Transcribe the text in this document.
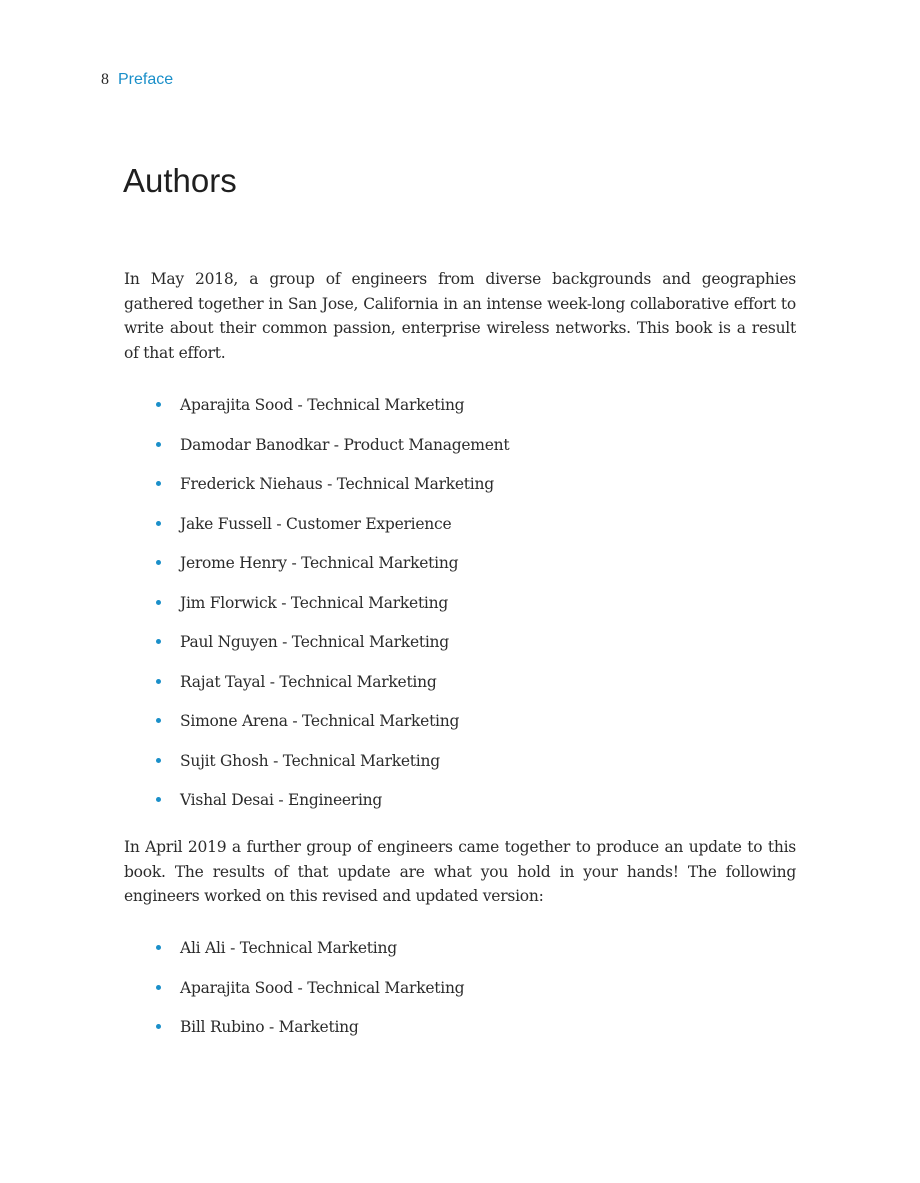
8 Preface
Authors

In May 2018, a group of engineers from diverse backgrounds and geographies gathered together in San Jose, California in an intense week-long collaborative effort to write about their common passion, enterprise wireless networks. This book is a result of that effort.

Aparajita Sood - Technical Marketing
Damodar Banodkar - Product Management
Frederick Niehaus - Technical Marketing
Jake Fussell - Customer Experience
Jerome Henry - Technical Marketing
Jim Florwick - Technical Marketing
Paul Nguyen - Technical Marketing
Rajat Tayal - Technical Marketing
Simone Arena - Technical Marketing
Sujit Ghosh - Technical Marketing
Vishal Desai - Engineering

In April 2019 a further group of engineers came together to produce an update to this book. The results of that update are what you hold in your hands! The following engineers worked on this revised and updated version:

Ali Ali - Technical Marketing
Aparajita Sood - Technical Marketing
Bill Rubino - Marketing
